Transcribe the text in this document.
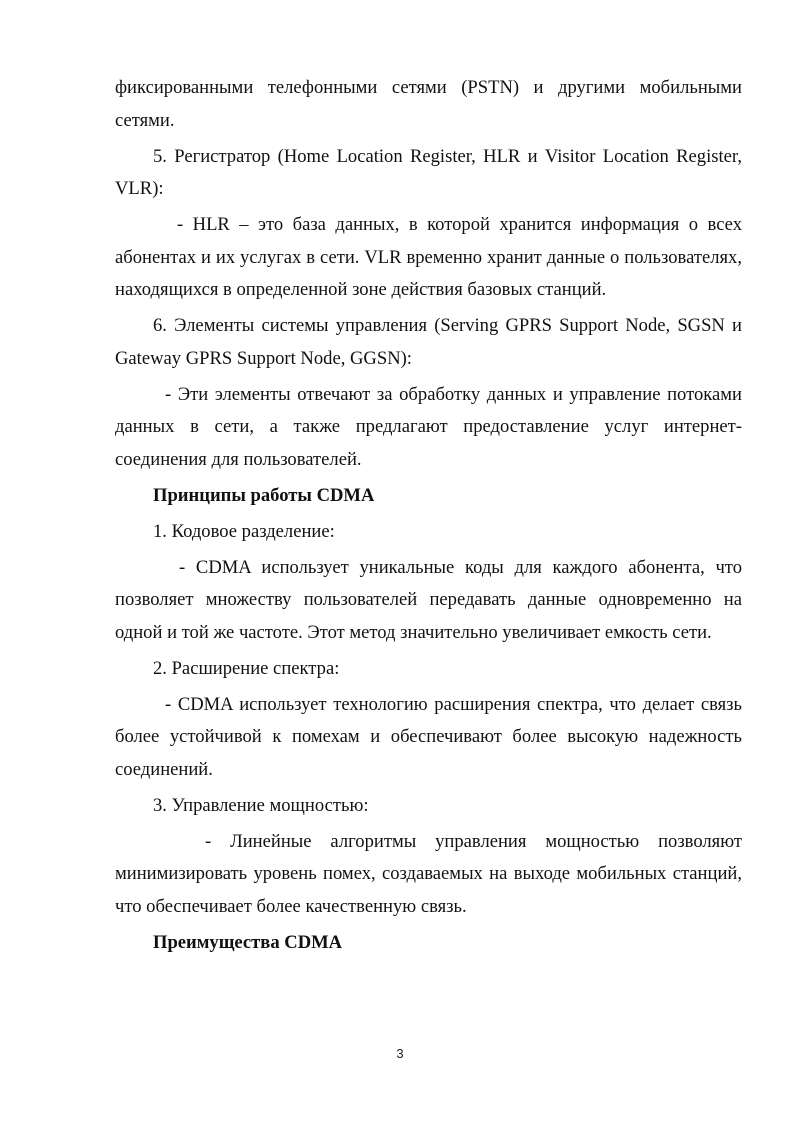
фиксированными телефонными сетями (PSTN) и другими мобильными сетями.

5. Регистратор (Home Location Register, HLR и Visitor Location Register, VLR):

- HLR – это база данных, в которой хранится информация о всех абонентах и их услугах в сети. VLR временно хранит данные о пользователях, находящихся в определенной зоне действия базовых станций.

6. Элементы системы управления (Serving GPRS Support Node, SGSN и Gateway GPRS Support Node, GGSN):

- Эти элементы отвечают за обработку данных и управление потоками данных в сети, а также предлагают предоставление услуг интернет-соединения для пользователей.

Принципы работы CDMA

1. Кодовое разделение:

- CDMA использует уникальные коды для каждого абонента, что позволяет множеству пользователей передавать данные одновременно на одной и той же частоте. Этот метод значительно увеличивает емкость сети.

2. Расширение спектра:

- CDMA использует технологию расширения спектра, что делает связь более устойчивой к помехам и обеспечивают более высокую надежность соединений.

3. Управление мощностью:

- Линейные алгоритмы управления мощностью позволяют минимизировать уровень помех, создаваемых на выходе мобильных станций, что обеспечивает более качественную связь.

Преимущества CDMA

3
